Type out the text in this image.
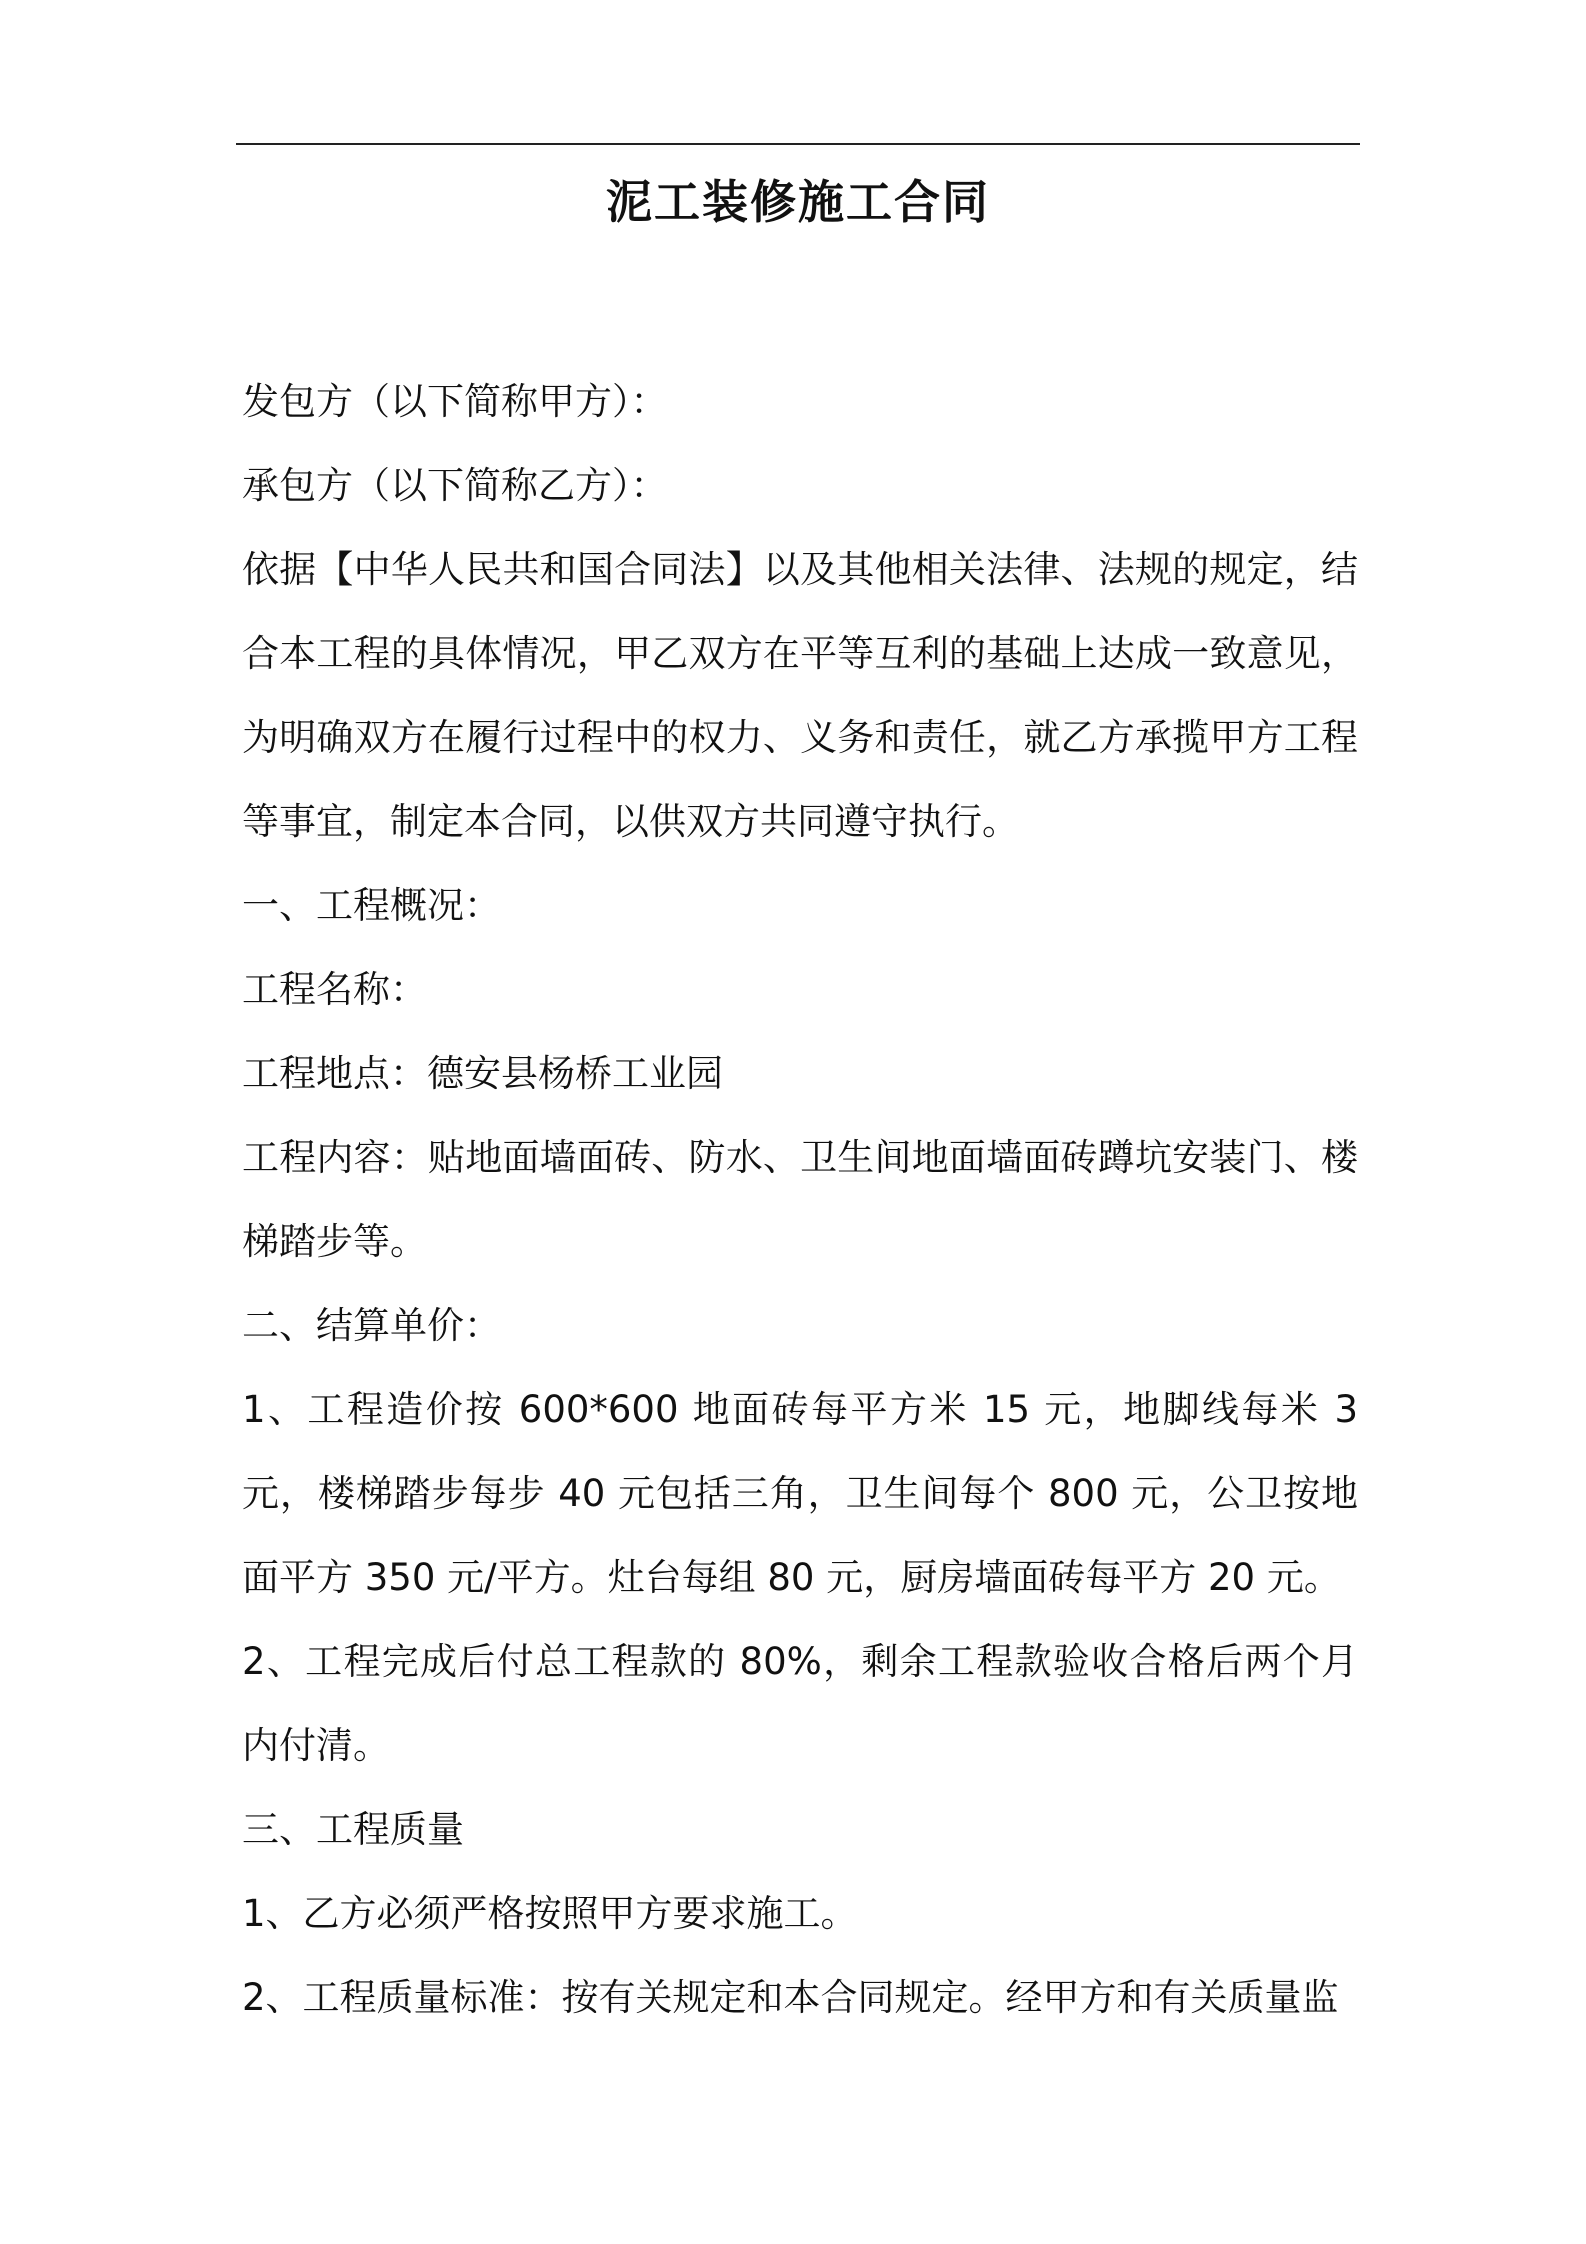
泥工装修施工合同

发包方（以下简称甲方）：

承包方（以下简称乙方）：

依据【中华人民共和国合同法】以及其他相关法律、法规的规定，结合本工程的具体情况，甲乙双方在平等互利的基础上达成一致意见，为明确双方在履行过程中的权力、义务和责任，就乙方承揽甲方工程等事宜，制定本合同，以供双方共同遵守执行。

一、工程概况：

工程名称：

工程地点：德安县杨桥工业园

工程内容：贴地面墙面砖、防水、卫生间地面墙面砖蹲坑安装门、楼梯踏步等。

二、结算单价：

1、工程造价按 600*600 地面砖每平方米 15 元，地脚线每米 3 元，楼梯踏步每步 40 元包括三角，卫生间每个 800 元，公卫按地面平方 350 元/平方。灶台每组 80 元，厨房墙面砖每平方 20 元。

2、工程完成后付总工程款的 80%，剩余工程款验收合格后两个月内付清。

三、工程质量

1、乙方必须严格按照甲方要求施工。

2、工程质量标准：按有关规定和本合同规定。经甲方和有关质量监
